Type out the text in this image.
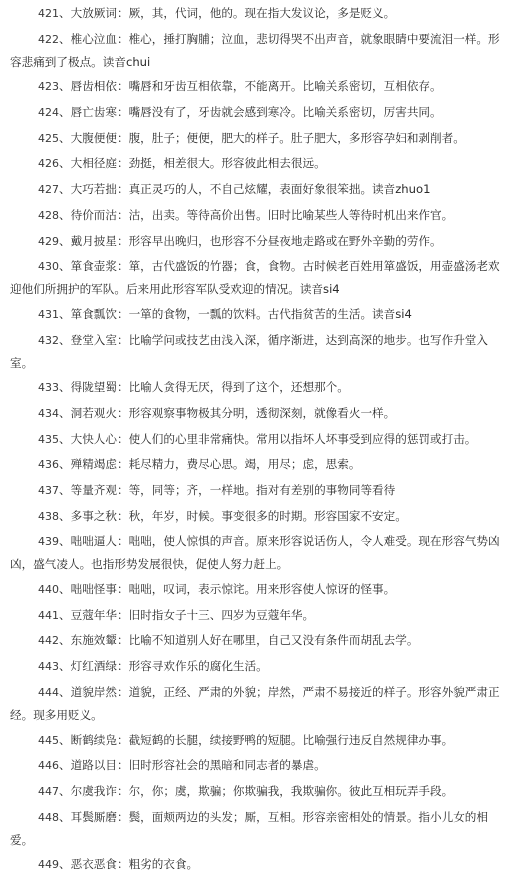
421、大放厥词：厥，其，代词，他的。现在指大发议论，多是贬义。
422、椎心泣血：椎心，捶打胸脯；泣血，悲切得哭不出声音，就象眼睛中要流泪一样。形容悲痛到了极点。读音chui
423、唇齿相依：嘴唇和牙齿互相依靠，不能离开。比喻关系密切，互相依存。
424、唇亡齿寒：嘴唇没有了，牙齿就会感到寒冷。比喻关系密切，厉害共同。
425、大腹便便：腹，肚子；便便，肥大的样子。肚子肥大，多形容孕妇和剥削者。
426、大相径庭：劲挺，相差很大。形容彼此相去很远。
427、大巧若拙：真正灵巧的人，不自己炫耀，表面好象很笨拙。读音zhuo1
428、待价而沽：沽，出卖。等待高价出售。旧时比喻某些人等待时机出来作官。
429、戴月披星：形容早出晚归，也形容不分昼夜地走路或在野外辛勤的劳作。
430、箪食壶浆：箪，古代盛饭的竹器；食，食物。古时候老百姓用箪盛饭，用壶盛汤老欢迎他们所拥护的军队。后来用此形容军队受欢迎的情况。读音si4
431、箪食瓢饮：一箪的食物，一瓢的饮料。古代指贫苦的生活。读音si4
432、登堂入室：比喻学问或技艺由浅入深，循序渐进，达到高深的地步。也写作升堂入室。
433、得陇望蜀：比喻人贪得无厌，得到了这个，还想那个。
434、洞若观火：形容观察事物极其分明，透彻深刻，就像看火一样。
435、大快人心：使人们的心里非常痛快。常用以指坏人坏事受到应得的惩罚或打击。
436、殚精竭虑：耗尽精力，费尽心思。竭，用尽；虑，思索。
437、等量齐观：等，同等；齐，一样地。指对有差别的事物同等看待
438、多事之秋：秋，年岁，时候。事变很多的时期。形容国家不安定。
439、咄咄逼人：咄咄，使人惊惧的声音。原来形容说话伤人，令人难受。现在形容气势凶凶，盛气凌人。也指形势发展很快，促使人努力赶上。
440、咄咄怪事：咄咄，叹词，表示惊诧。用来形容使人惊讶的怪事。
441、豆蔻年华：旧时指女子十三、四岁为豆蔻年华。
442、东施效颦：比喻不知道别人好在哪里，自己又没有条件而胡乱去学。
443、灯红酒绿：形容寻欢作乐的腐化生活。
444、道貌岸然：道貌，正经、严肃的外貌；岸然，严肃不易接近的样子。形容外貌严肃正经。现多用贬义。
445、断鹤续凫：截短鹤的长腿，续接野鸭的短腿。比喻强行违反自然规律办事。
446、道路以目：旧时形容社会的黑暗和同志者的暴虐。
447、尔虞我诈：尔，你；虞，欺骗；你欺骗我，我欺骗你。彼此互相玩弄手段。
448、耳鬓厮磨：鬓，面颊两边的头发；厮，互相。形容亲密相处的情景。指小儿女的相爱。
449、恶衣恶食：粗劣的衣食。
